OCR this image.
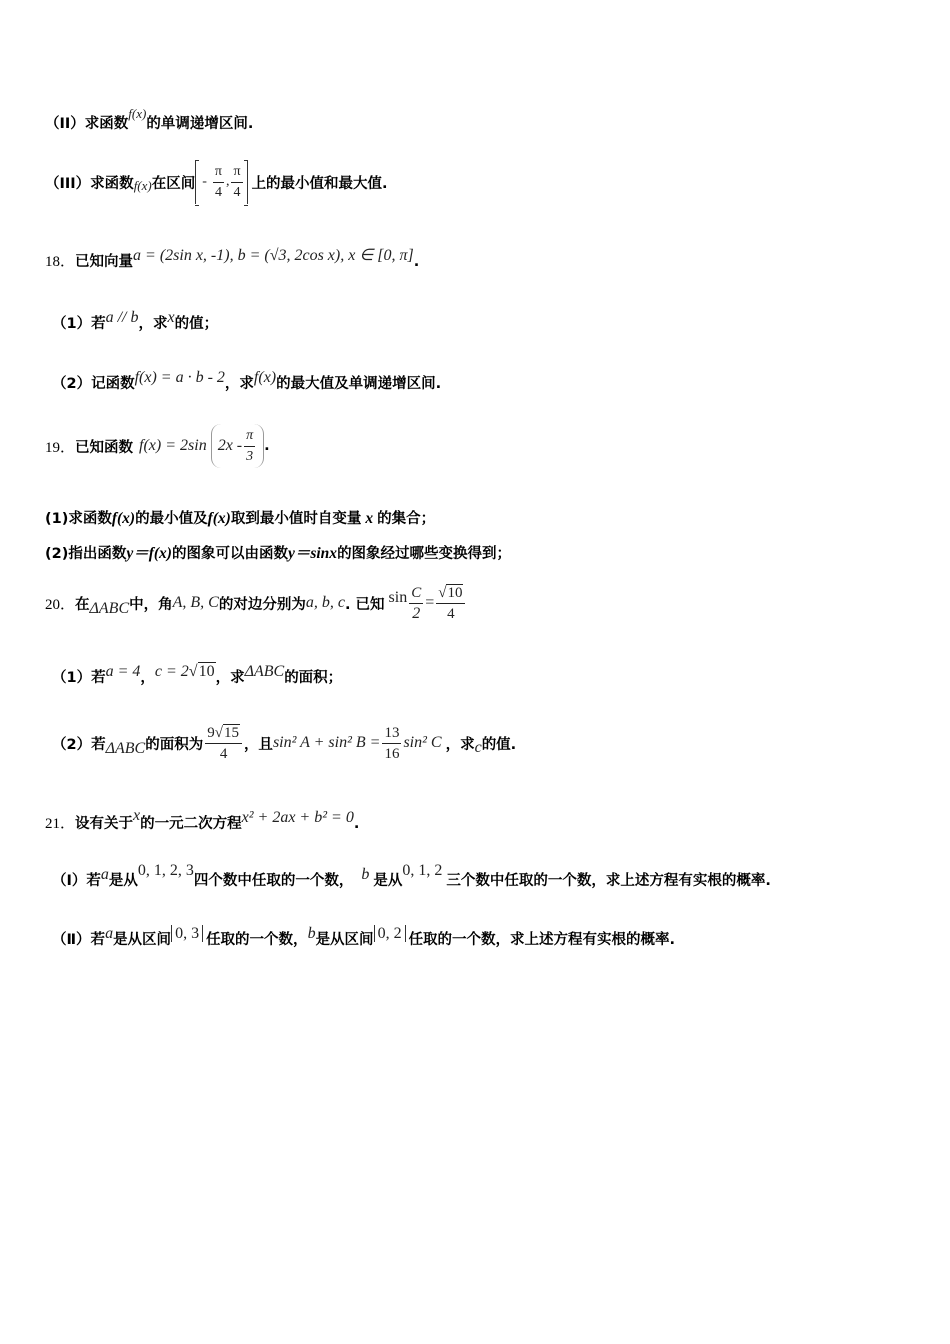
（II）求函数f(x)的单调递增区间.
（III）求函数 f(x) 在区间 - $\frac{\pi}{4}$ , $\frac{\pi}{4}$ 上的最小值和最大值.
18．已知向量a = (2sin x, -1), b = (√3, 2cos x), x ∈ [0, π].
（1）若a // b，求x的值；
（2）记函数f(x) = a · b - 2，求f(x)的最大值及单调递增区间.
19． 已知函数 f(x) = 2sin $2x - \frac{\pi}{3}$ .
(1)求函数f(x)的最小值及f(x)取到最小值时自变量 x 的集合；
(2)指出函数y＝f(x)的图象可以由函数y＝sinx的图象经过哪些变换得到；
20． 在 ΔABC 中，角 A, B, C 的对边分别为 a, b, c . 已知 $\sin \frac{C}{2} = \frac{√10}{4}$
（1）若a = 4，c = 2√10，求ΔABC的面积；
（2）若 ΔABC 的面积为 $\frac{9√15}{4}$ ，且 sin² A + sin² $B = \frac{13}{16} \sin^2$ C ，求 c 的值.
21．设有关于x的一元二次方程x² + 2ax + b² = 0.
（Ⅰ）若a是从0, 1, 2, 3四个数中任取的一个数， b 是从0, 1, 2三个数中任取的一个数，求上述方程有实根的概率.
（Ⅱ）若a是从区间 0, 3 任取的一个数，b是从区间 0, 2 任取的一个数，求上述方程有实根的概率.
